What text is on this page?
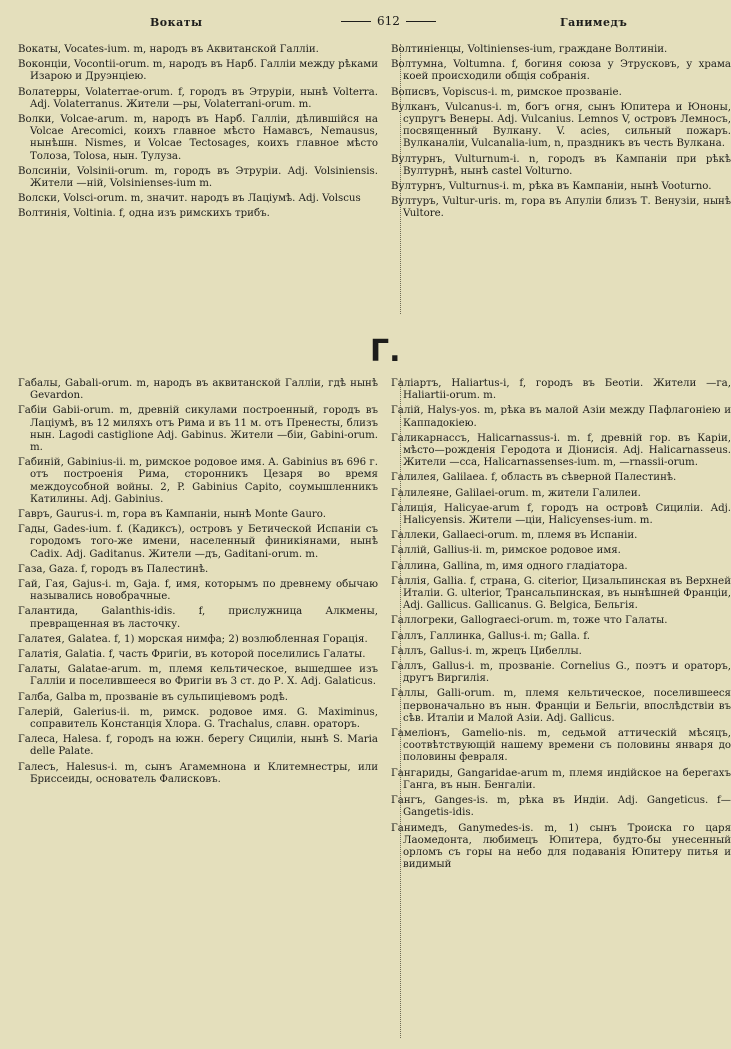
Вокаты	612	Ганимедъ

Вокаты, Vocates-ium. m, народъ въ Аквитанской Галліи.

Воконціи, Vocontii-orum. m, народъ въ Нарб. Галліи между рѣками Изарою и Друэнціею.

Волатерры, Volaterrae-orum. f, городъ въ Этруріи, нынѣ Volterra. Adj. Volaterranus. Жители —ры, Volaterrani-orum. m.

Волки, Volcae-arum. m, народъ въ Нарб. Галліи, дѣлившійся на Volcae Arecomici, коихъ главное мѣсто Намавсъ, Nemausus, нынѣшн. Nismes, и Volcae Tectosages, коихъ главное мѣсто Толоза, Tolosa, нын. Тулуза.

Волсиніи, Volsinii-orum. m, городъ въ Этруріи. Adj. Volsiniensis. Жители —ній, Volsinienses-ium m.

Волски, Volsci-orum. m, значит. народъ въ Лаціумѣ. Adj. Volscus

Волтинія, Voltinia. f, одна изъ римскихъ трибъ.

Волтиніенцы, Voltinienses-ium, граждане Волтиніи.

Волтумна, Voltumna. f, богиня союза у Этрусковъ, у храма коей происходили общія собранія.

Вописвъ, Vopiscus-i. m, римское прозваніе.

Вулканъ, Vulcanus-i. m, богъ огня, сынъ Юпитера и Юноны, супругъ Венеры. Adj. Vulcanius. Lemnos V, островъ Лемносъ, посвященный Вулкану. V. acies, сильный пожаръ. Вулканаліи, Vulcanalia-ium, n, праздникъ въ честь Вулкана.

Вултурнъ, Vulturnum-i. n, городъ въ Кампаніи при рѣкѣ Вултурнѣ, нынѣ castel Volturno.

Вултурнъ, Vulturnus-i. m, рѣка въ Кампаніи, нынѣ Vooturno.

Вултуръ, Vultur-uris. m, гора въ Апуліи близъ Т. Венузіи, нынѣ Vultore.

Г.

Габалы, Gabali-orum. m, народъ въ аквитанской Галліи, гдѣ нынѣ Gevardon.

Габіи Gabii-orum. m, древній сикулами построенный, городъ въ Лаціумѣ, въ 12 миляхъ отъ Рима и въ 11 м. отъ Пренесты, близъ нын. Lagodi castiglione Adj. Gabinus. Жители —біи, Gabini-orum. m.

Габиній, Gabinius-ii. m, римское родовое имя. A. Gabinius въ 696 г. отъ построенія Рима, сторонникъ Цезаря во время междоусобной войны. 2, P. Gabinius Capito, соумышленникъ Катилины. Adj. Gabinius.

Гавръ, Gaurus-i. m, гора въ Кампаніи, нынѣ Monte Gauro.

Гады, Gades-ium. f. (Кадиксъ), островъ у Бетической Испаніи съ городомъ того-же имени, населенный финикіянами, нынѣ Cadix. Adj. Gaditanus. Жители —дъ, Gaditani-orum. m.

Газа, Gaza. f, городъ въ Палестинѣ.

Гай, Гая, Gajus-i. m, Gaja. f, имя, которымъ по древнему обычаю назывались новобрачные.

Галантида, Galanthis-idis. f, прислужница Алкмены, превращенная въ ласточку.

Галатея, Galatea. f, 1) морская нимфа; 2) возлюбленная Горація.

Галатія, Galatia. f, часть Фригіи, въ которой поселились Галаты.

Галаты, Galatae-arum. m, племя кельтическое, вышедшее изъ Галліи и поселившееся во Фригіи въ 3 ст. до Р. Х. Adj. Galaticus.

Галба, Galba m, прозваніе въ сульпиціевомъ родѣ.

Галерій, Galerius-ii. m, римск. родовое имя. G. Maximinus, соправитель Констанція Хлора. G. Trachalus, славн. ораторъ.

Галеса, Halesa. f, городъ на южн. берегу Сициліи, нынѣ S. Maria delle Palate.

Галесъ, Halesus-i. m, сынъ Агамемнона и Клитемнестры, или Бриссеиды, основатель Фалисковъ.

Галіартъ, Haliartus-i, f, городъ въ Беотіи. Жители —га, Haliartii-orum. m.

Галій, Halys-yos. m, рѣка въ малой Азіи между Пафлагоніею и Каппадокіею.

Галикарнассъ, Halicarnassus-i. m. f, древній гор. въ Каріи, мѣсто—рожденія Геродота и Діонисія. Adj. Halicarnasseus. Жители —сса, Halicarnassenses-ium. m, —rnassii-orum.

Галилея, Galilaea. f, область въ сѣверной Палестинѣ.

Галилеяне, Galilaei-orum. m, жители Галилеи.

Галиція, Halicyae-arum f, городъ на островѣ Сициліи. Adj. Halicyensis. Жители —ціи, Halicyenses-ium. m.

Галлеки, Gallaeci-orum. m, племя въ Испаніи.

Галлій, Gallius-ii. m, римское родовое имя.

Галлина, Gallina, m, имя одного гладіатора.

Галлія, Gallia. f, страна, G. citerior, Цизальпинская въ Верхней Италіи. G. ulterior, Трансальпинская, въ нынѣшней Франціи, Adj. Gallicus. Gallicanus. G. Belgica, Бельгія.

Галлогреки, Gallograeci-orum. m, тоже что Галаты.

Галлъ, Галлинка, Gallus-i. m; Galla. f.

Галлъ, Gallus-i. m, жрецъ Цибеллы.

Галлъ, Gallus-i. m, прозваніе. Cornelius G., поэтъ и ораторъ, другъ Виргилія.

Галлы, Galli-orum. m, племя кельтическое, поселившееся первоначально въ нын. Франціи и Бельгіи, впослѣдствіи въ сѣв. Италіи и Малой Азіи. Adj. Gallicus.

Гамеліонъ, Gamelio-nis. m, седьмой аттическій мѣсяцъ, соотвѣтствующій нашему времени съ половины января до половины февраля.

Гангариды, Gangaridae-arum m, племя индійское на берегахъ Ганга, въ нын. Бенгаліи.

Гангъ, Ganges-is. m, рѣка въ Индіи. Adj. Gangeticus. f— Gangetis-idis.

Ганимедъ, Ganymedes-is. m, 1) сынъ Троиска го царя Лаомедонта, любимецъ Юпитера, будто-бы унесенный орломъ съ горы на небо для подаванія Юпитеру питья и видимый
